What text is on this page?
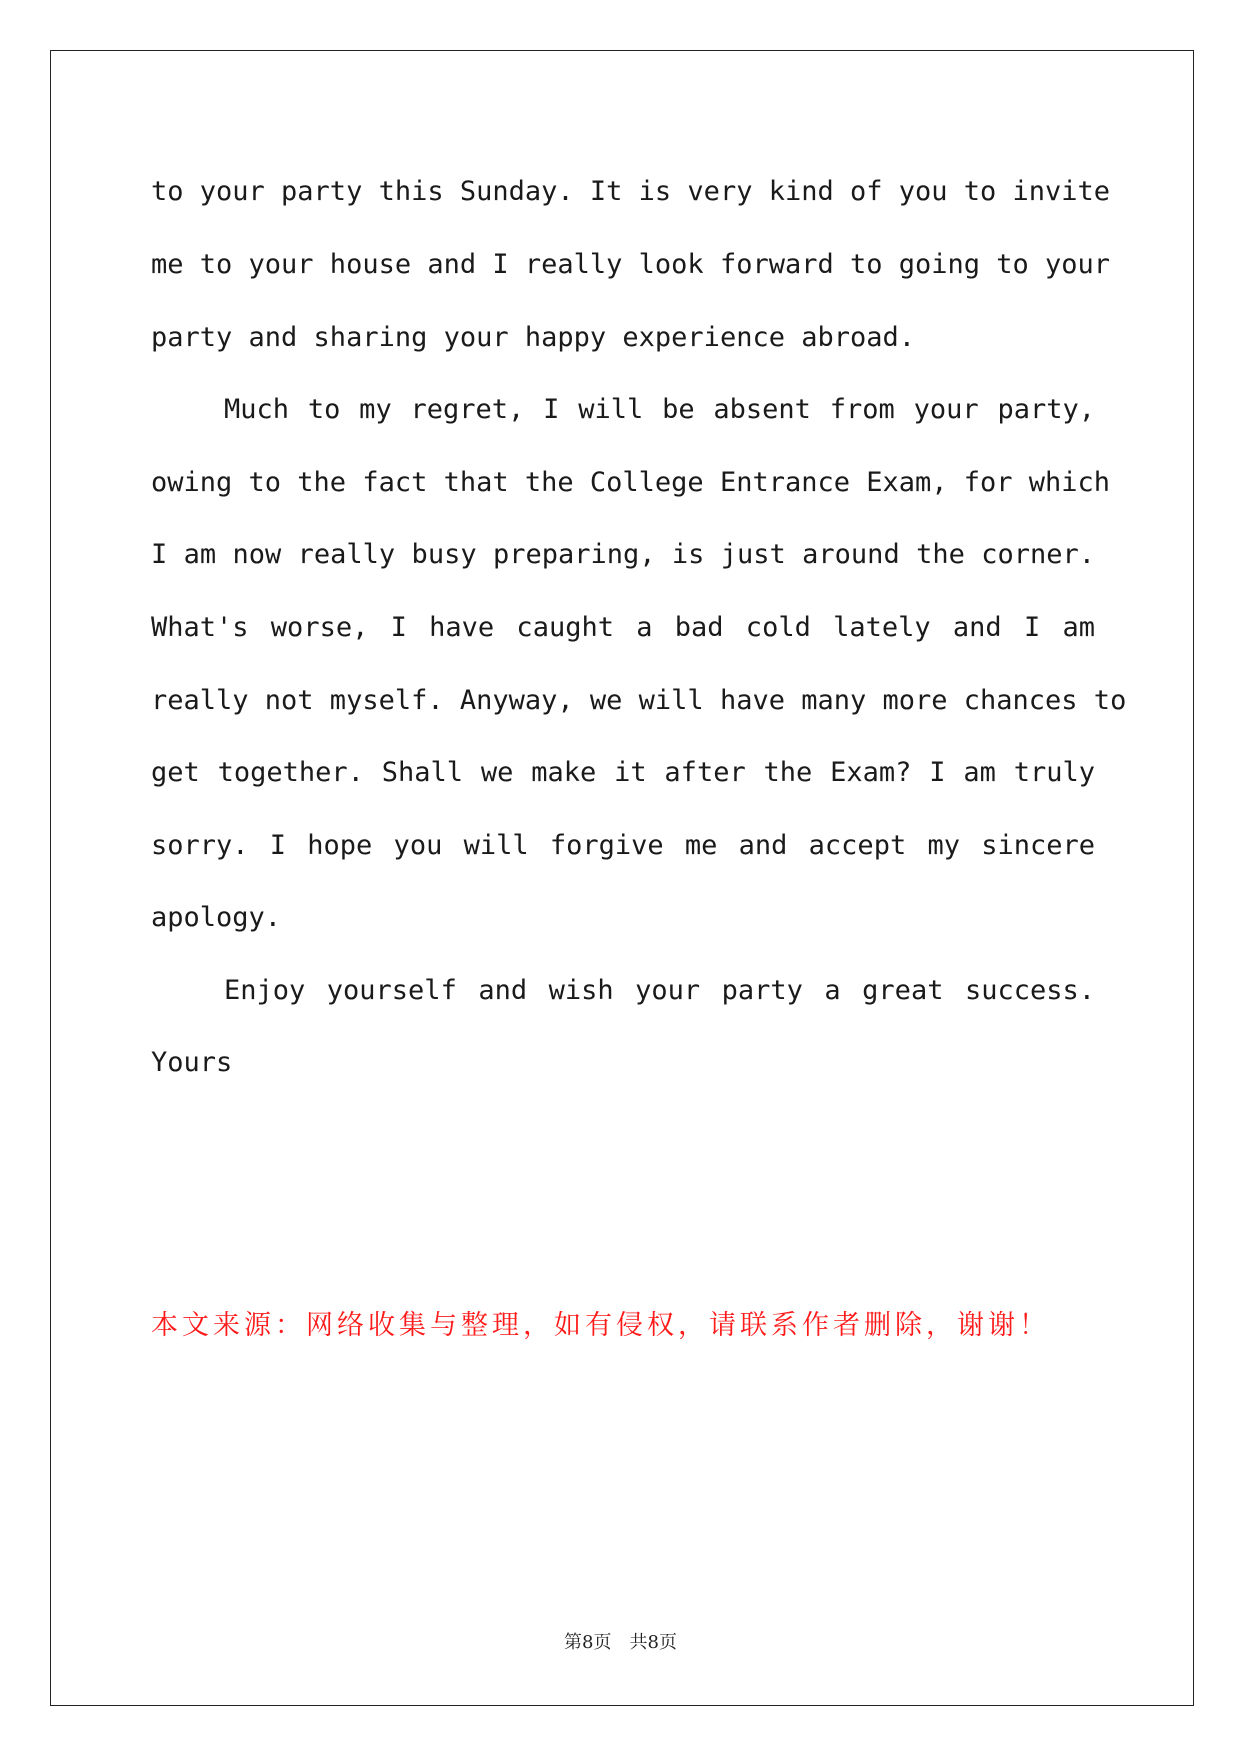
to your party this Sunday. It is very kind of you to invite
me to your house and I really look forward to going to your
party and sharing your happy experience abroad.
Much to my regret, I will be absent from your party,
owing to the fact that the College Entrance Exam, for which
I am now really busy preparing, is just around the corner.
What's worse, I have caught a bad cold lately and I am
really not myself. Anyway, we will have many more chances to
get together. Shall we make it after the Exam? I am truly
sorry. I hope you will forgive me and accept my sincere
apology.
Enjoy yourself and wish your party a great success.
Yours
本文来源：网络收集与整理，如有侵权，请联系作者删除，谢谢！
第8页 共8页
